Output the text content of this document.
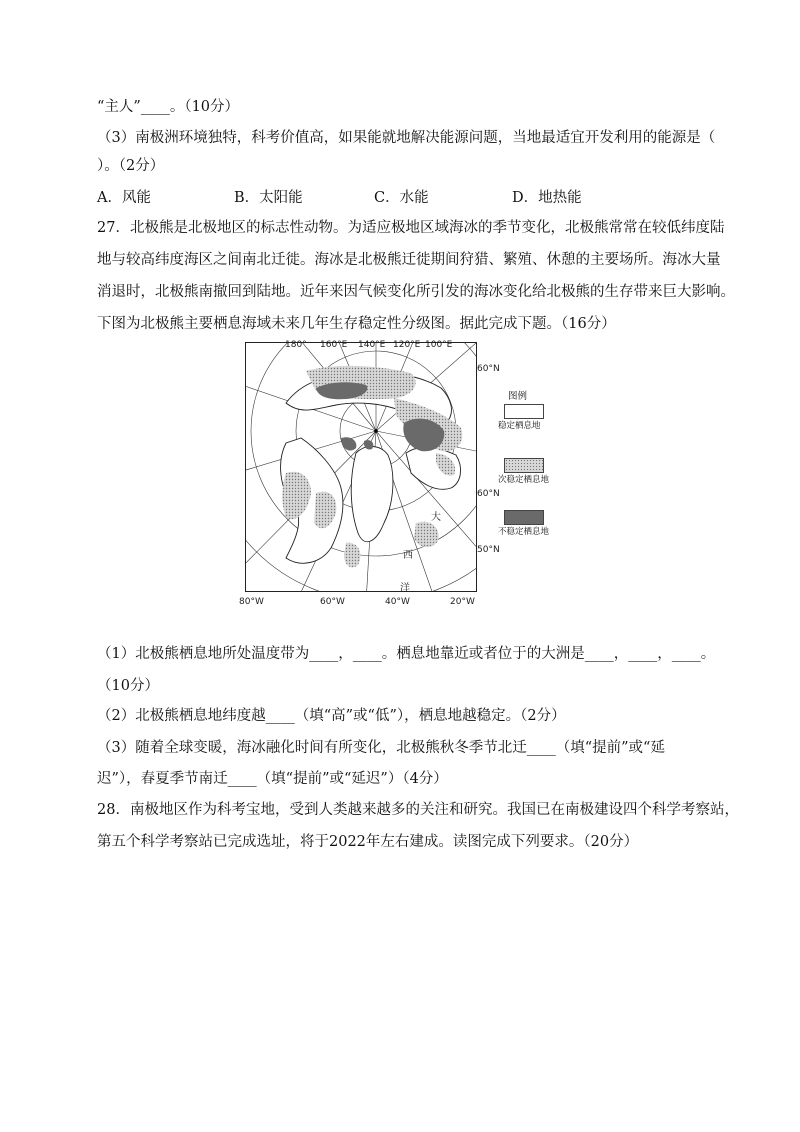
“主人”____。（10分）
（3）南极洲环境独特，科考价值高，如果能就地解决能源问题，当地最适宜开发利用的能源是（
）。（2分）
A．风能	B．太阳能	C．水能	D．地热能
27．北极熊是北极地区的标志性动物。为适应极地区域海冰的季节变化，北极熊常常在较低纬度陆
地与较高纬度海区之间南北迁徙。海冰是北极熊迁徙期间狩猎、繁殖、休憩的主要场所。海冰大量
消退时，北极熊南撤回到陆地。近年来因气候变化所引发的海冰变化给北极熊的生存带来巨大影响。
下图为北极熊主要栖息海域未来几年生存稳定性分级图。据此完成下题。（16分）
180° 160°E 140°E 120°E 100°E
60°N
60°N
50°N
80°W	60°W	40°W	20°W
大
西
洋
图例
稳定栖息地
次稳定栖息地
不稳定栖息地
（1）北极熊栖息地所处温度带为____，____。栖息地靠近或者位于的大洲是____，____，____。
（10分）
（2）北极熊栖息地纬度越____（填“高”或“低”），栖息地越稳定。（2分）
（3）随着全球变暖，海冰融化时间有所变化，北极熊秋冬季节北迁____（填“提前”或“延
迟”），春夏季节南迁____（填“提前”或“延迟”）（4分）
28．南极地区作为科考宝地，受到人类越来越多的关注和研究。我国已在南极建设四个科学考察站，
第五个科学考察站已完成选址，将于2022年左右建成。读图完成下列要求。（20分）
